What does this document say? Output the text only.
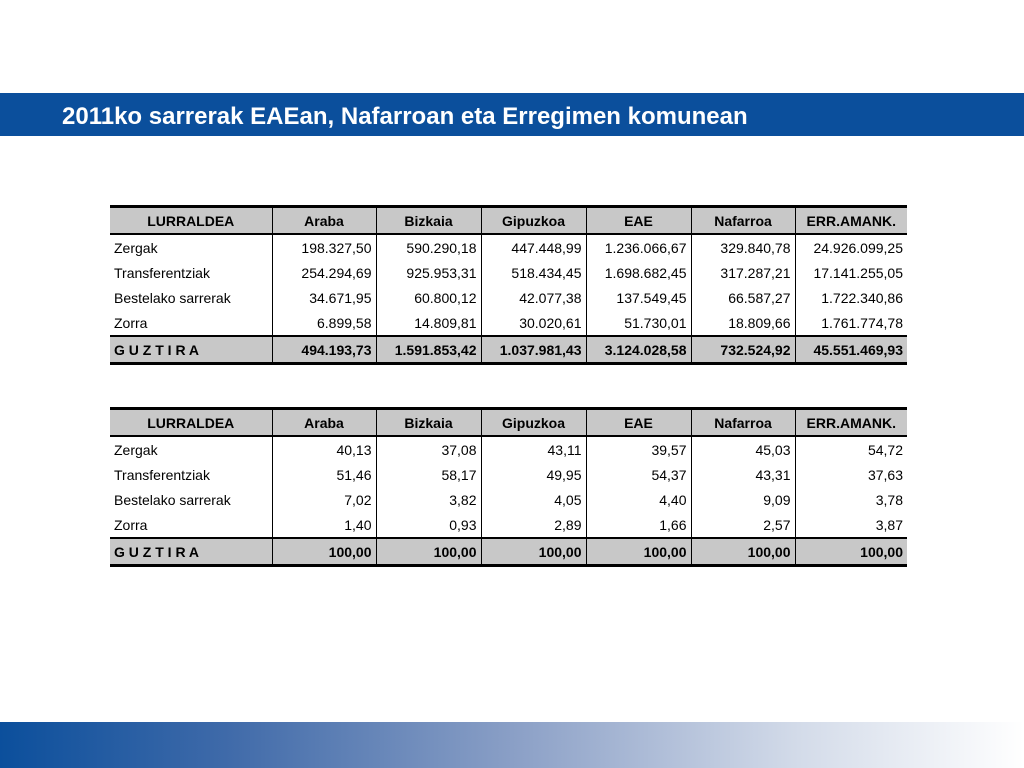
2011ko sarrerak EAEan, Nafarroan eta Erregimen komunean
LURRALDEA	Araba	Bizkaia	Gipuzkoa	EAE	Nafarroa	ERR.AMANK.
Zergak	198.327,50	590.290,18	447.448,99	1.236.066,67	329.840,78	24.926.099,25
Transferentziak	254.294,69	925.953,31	518.434,45	1.698.682,45	317.287,21	17.141.255,05
Bestelako sarrerak	34.671,95	60.800,12	42.077,38	137.549,45	66.587,27	1.722.340,86
Zorra	6.899,58	14.809,81	30.020,61	51.730,01	18.809,66	1.761.774,78
G U Z T I R A	494.193,73	1.591.853,42	1.037.981,43	3.124.028,58	732.524,92	45.551.469,93
LURRALDEA	Araba	Bizkaia	Gipuzkoa	EAE	Nafarroa	ERR.AMANK.
Zergak	40,13	37,08	43,11	39,57	45,03	54,72
Transferentziak	51,46	58,17	49,95	54,37	43,31	37,63
Bestelako sarrerak	7,02	3,82	4,05	4,40	9,09	3,78
Zorra	1,40	0,93	2,89	1,66	2,57	3,87
G U Z T I R A	100,00	100,00	100,00	100,00	100,00	100,00
